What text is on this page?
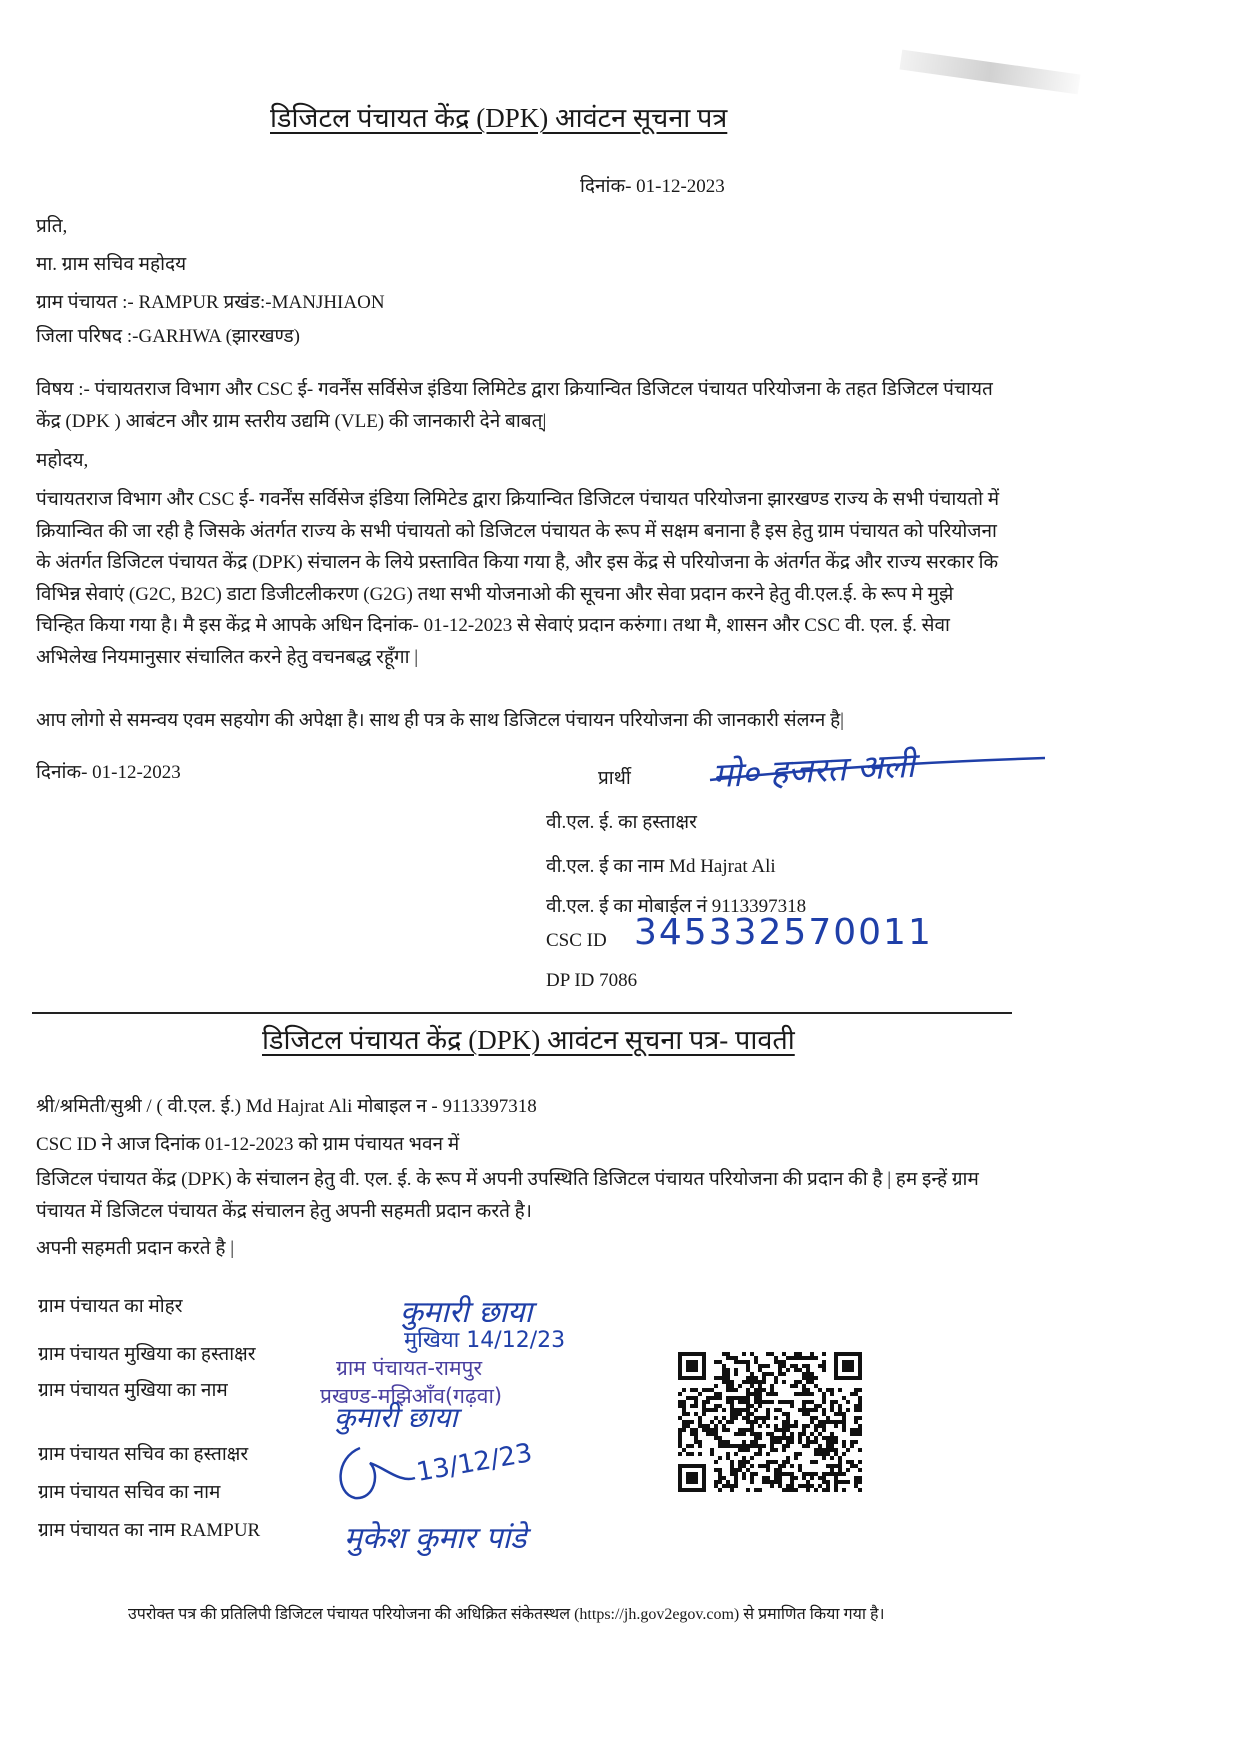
डिजिटल पंचायत केंद्र (DPK) आवंटन सूचना पत्र
दिनांक- 01-12-2023
प्रति,
मा. ग्राम सचिव महोदय
ग्राम पंचायत :- RAMPUR प्रखंड:-MANJHIAON
जिला परिषद :-GARHWA (झारखण्ड)
विषय :- पंचायतराज विभाग और CSC ई- गवर्नेंस सर्विसेज इंडिया लिमिटेड द्वारा क्रियान्वित डिजिटल पंचायत परियोजना के तहत डिजिटल पंचायत केंद्र (DPK ) आबंटन और ग्राम स्तरीय उद्यमि (VLE) की जानकारी देने बाबत्|
महोदय,
पंचायतराज विभाग और CSC ई- गवर्नेंस सर्विसेज इंडिया लिमिटेड द्वारा क्रियान्वित डिजिटल पंचायत परियोजना झारखण्ड राज्य के सभी पंचायतो में क्रियान्वित की जा रही है जिसके अंतर्गत राज्य के सभी पंचायतो को डिजिटल पंचायत के रूप में सक्षम बनाना है इस हेतु ग्राम पंचायत को परियोजना के अंतर्गत डिजिटल पंचायत केंद्र (DPK) संचालन के लिये प्रस्तावित किया गया है, और इस केंद्र से परियोजना के अंतर्गत केंद्र और राज्य सरकार कि विभिन्न सेवाएं (G2C, B2C) डाटा डिजीटलीकरण (G2G) तथा सभी योजनाओ की सूचना और सेवा प्रदान करने हेतु वी.एल.ई. के रूप मे मुझे चिन्हित किया गया है। मै इस केंद्र मे आपके अधिन दिनांक- 01-12-2023 से सेवाएं प्रदान करुंगा। तथा मै, शासन और CSC वी. एल. ई. सेवा अभिलेख नियमानुसार संचालित करने हेतु वचनबद्ध रहूँगा |
आप लोगो से समन्वय एवम सहयोग की अपेक्षा है। साथ ही पत्र के साथ डिजिटल पंचायन परियोजना की जानकारी संलग्न है|
दिनांक- 01-12-2023	प्रार्थी मो० हजरत अली
वी.एल. ई. का हस्ताक्षर
वी.एल. ई का नाम Md Hajrat Ali
वी.एल. ई का मोबाईल नं 9113397318
CSC ID 345332570011
DP ID 7086
डिजिटल पंचायत केंद्र (DPK) आवंटन सूचना पत्र- पावती
श्री/श्रमिती/सुश्री / ( वी.एल. ई.) Md Hajrat Ali मोबाइल न - 9113397318
CSC ID ने आज दिनांक 01-12-2023 को ग्राम पंचायत भवन में
डिजिटल पंचायत केंद्र (DPK) के संचालन हेतु वी. एल. ई. के रूप में अपनी उपस्थिति डिजिटल पंचायत परियोजना की प्रदान की है | हम इन्हें ग्राम पंचायत में डिजिटल पंचायत केंद्र संचालन हेतु अपनी सहमती प्रदान करते है।
अपनी सहमती प्रदान करते है |
ग्राम पंचायत का मोहर
ग्राम पंचायत मुखिया का हस्ताक्षर
ग्राम पंचायत मुखिया का नाम
ग्राम पंचायत सचिव का हस्ताक्षर
ग्राम पंचायत सचिव का नाम
ग्राम पंचायत का नाम RAMPUR
कुमारी छाया
मुखिया 14/12/23
ग्राम पंचायत-रामपुर
प्रखण्ड-मझिआँव(गढ़वा)
कुमारी छाया
13/12/23
मुकेश कुमार पांडे
उपरोक्त पत्र की प्रतिलिपी डिजिटल पंचायत परियोजना की अधिक्रित संकेतस्थल (https://jh.gov2egov.com) से प्रमाणित किया गया है।
